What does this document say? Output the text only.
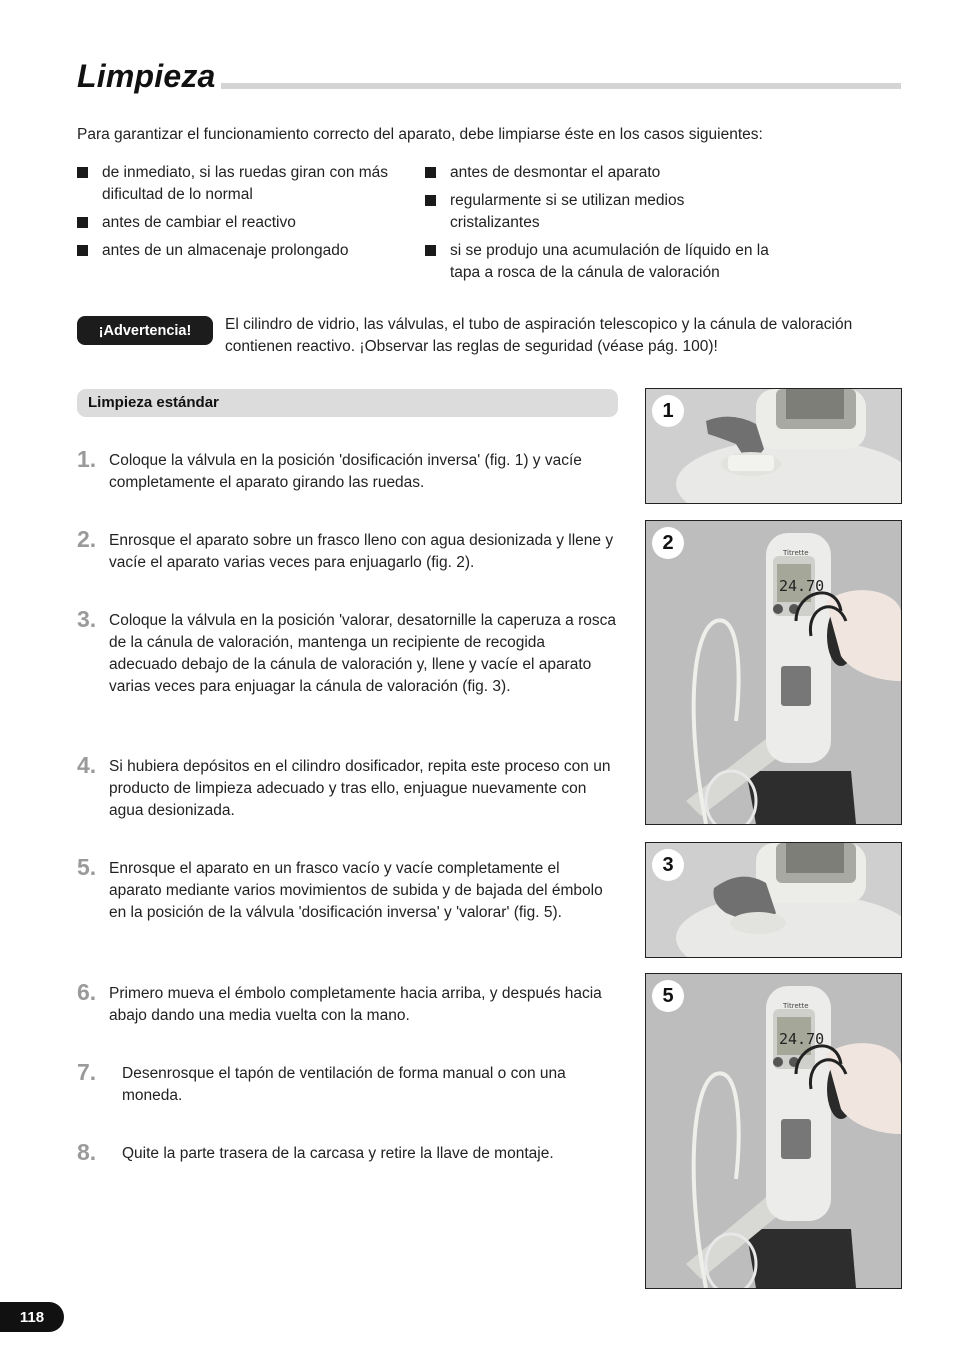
Limpieza
Para garantizar el funcionamiento correcto del aparato, debe limpiarse éste en los casos siguientes:
de inmediato, si las ruedas giran con más dificultad de lo normal
antes de cambiar el reactivo
antes de un almacenaje prolongado
antes de desmontar el aparato
regularmente si se utilizan medios cristalizantes
si se produjo una acumulación de líquido en la tapa a rosca de la cánula de valoración
¡Advertencia!	El cilindro de vidrio, las válvulas, el tubo de aspiración telescopico y la cánula de valoración contienen reactivo. ¡Observar las reglas de seguridad (véase pág. 100)!
Limpieza estándar
1. Coloque la válvula en la posición 'dosificación inversa' (fig. 1) y vacíe completamente el aparato girando las ruedas.
2. Enrosque el aparato sobre un frasco lleno con agua desionizada y llene y vacíe el aparato varias veces para enjuagarlo (fig. 2).
3. Coloque la válvula en la posición 'valorar, desatornille la caperuza a rosca de la cánula de valoración, mantenga un recipiente de recogida adecuado debajo de la cánula de valoración y, llene y vacíe el aparato varias veces para enjuagar la cánula de valoración (fig. 3).
4. Si hubiera depósitos en el cilindro dosificador, repita este proceso con un producto de limpieza adecuado y tras ello, enjuague nuevamente con agua desionizada.
5. Enrosque el aparato en un frasco vacío y vacíe completamente el aparato mediante varios movimientos de subida y de bajada del émbolo en la posición de la válvula 'dosificación inversa' y 'valorar' (fig. 5).
6. Primero mueva el émbolo completamente hacia arriba, y después hacia abajo dando una media vuelta con la mano.
7.	Desenrosque el tapón de ventilación de forma manual o con una moneda.
8.	Quite la parte trasera de la carcasa y retire la llave de montaje.
1
24.70
Titrette
2
3
24.70
Titrette
5
118
